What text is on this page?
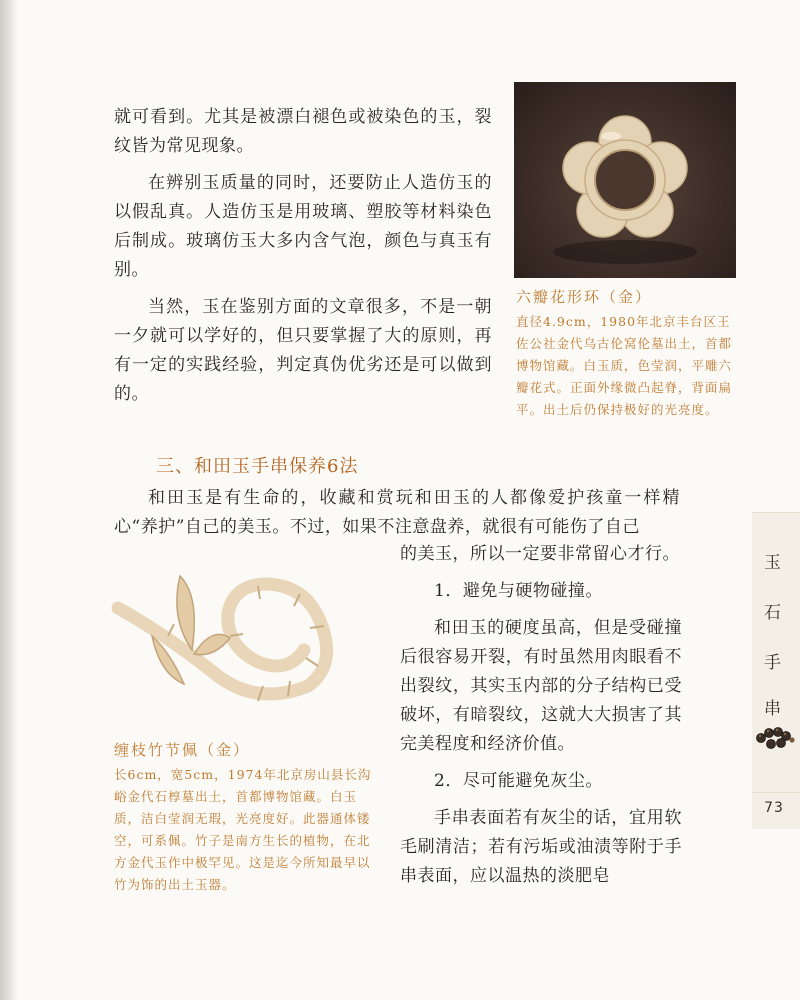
就可看到。尤其是被漂白褪色或被染色的玉，裂纹皆为常见现象。

在辨别玉质量的同时，还要防止人造仿玉的以假乱真。人造仿玉是用玻璃、塑胶等材料染色后制成。玻璃仿玉大多内含气泡，颜色与真玉有别。

当然，玉在鉴别方面的文章很多，不是一朝一夕就可以学好的，但只要掌握了大的原则，再有一定的实践经验，判定真伪优劣还是可以做到的。

六瓣花形环（金）
直径4.9cm，1980年北京丰台区王佐公社金代乌古伦窝伦墓出土，首都博物馆藏。白玉质，色莹润，平雕六瓣花式。正面外缘微凸起脊，背面扁平。出土后仍保持极好的光亮度。
三、和田玉手串保养6法

和田玉是有生命的，收藏和赏玩和田玉的人都像爱护孩童一样精心“养护”自己的美玉。不过，如果不注意盘养，就很有可能伤了自己

缠枝竹节佩（金）
长6cm，宽5cm，1974年北京房山县长沟峪金代石椁墓出土，首都博物馆藏。白玉质，洁白莹润无瑕，光亮度好。此器通体镂空，可系佩。竹子是南方生长的植物，在北方金代玉作中极罕见。这是迄今所知最早以竹为饰的出土玉器。

的美玉，所以一定要非常留心才行。

1．避免与硬物碰撞。

和田玉的硬度虽高，但是受碰撞后很容易开裂，有时虽然用肉眼看不出裂纹，其实玉内部的分子结构已受破坏，有暗裂纹，这就大大损害了其完美程度和经济价值。

2．尽可能避免灰尘。

手串表面若有灰尘的话，宜用软毛刷清洁；若有污垢或油渍等附于手串表面，应以温热的淡肥皂

玉
石
手
串
73
